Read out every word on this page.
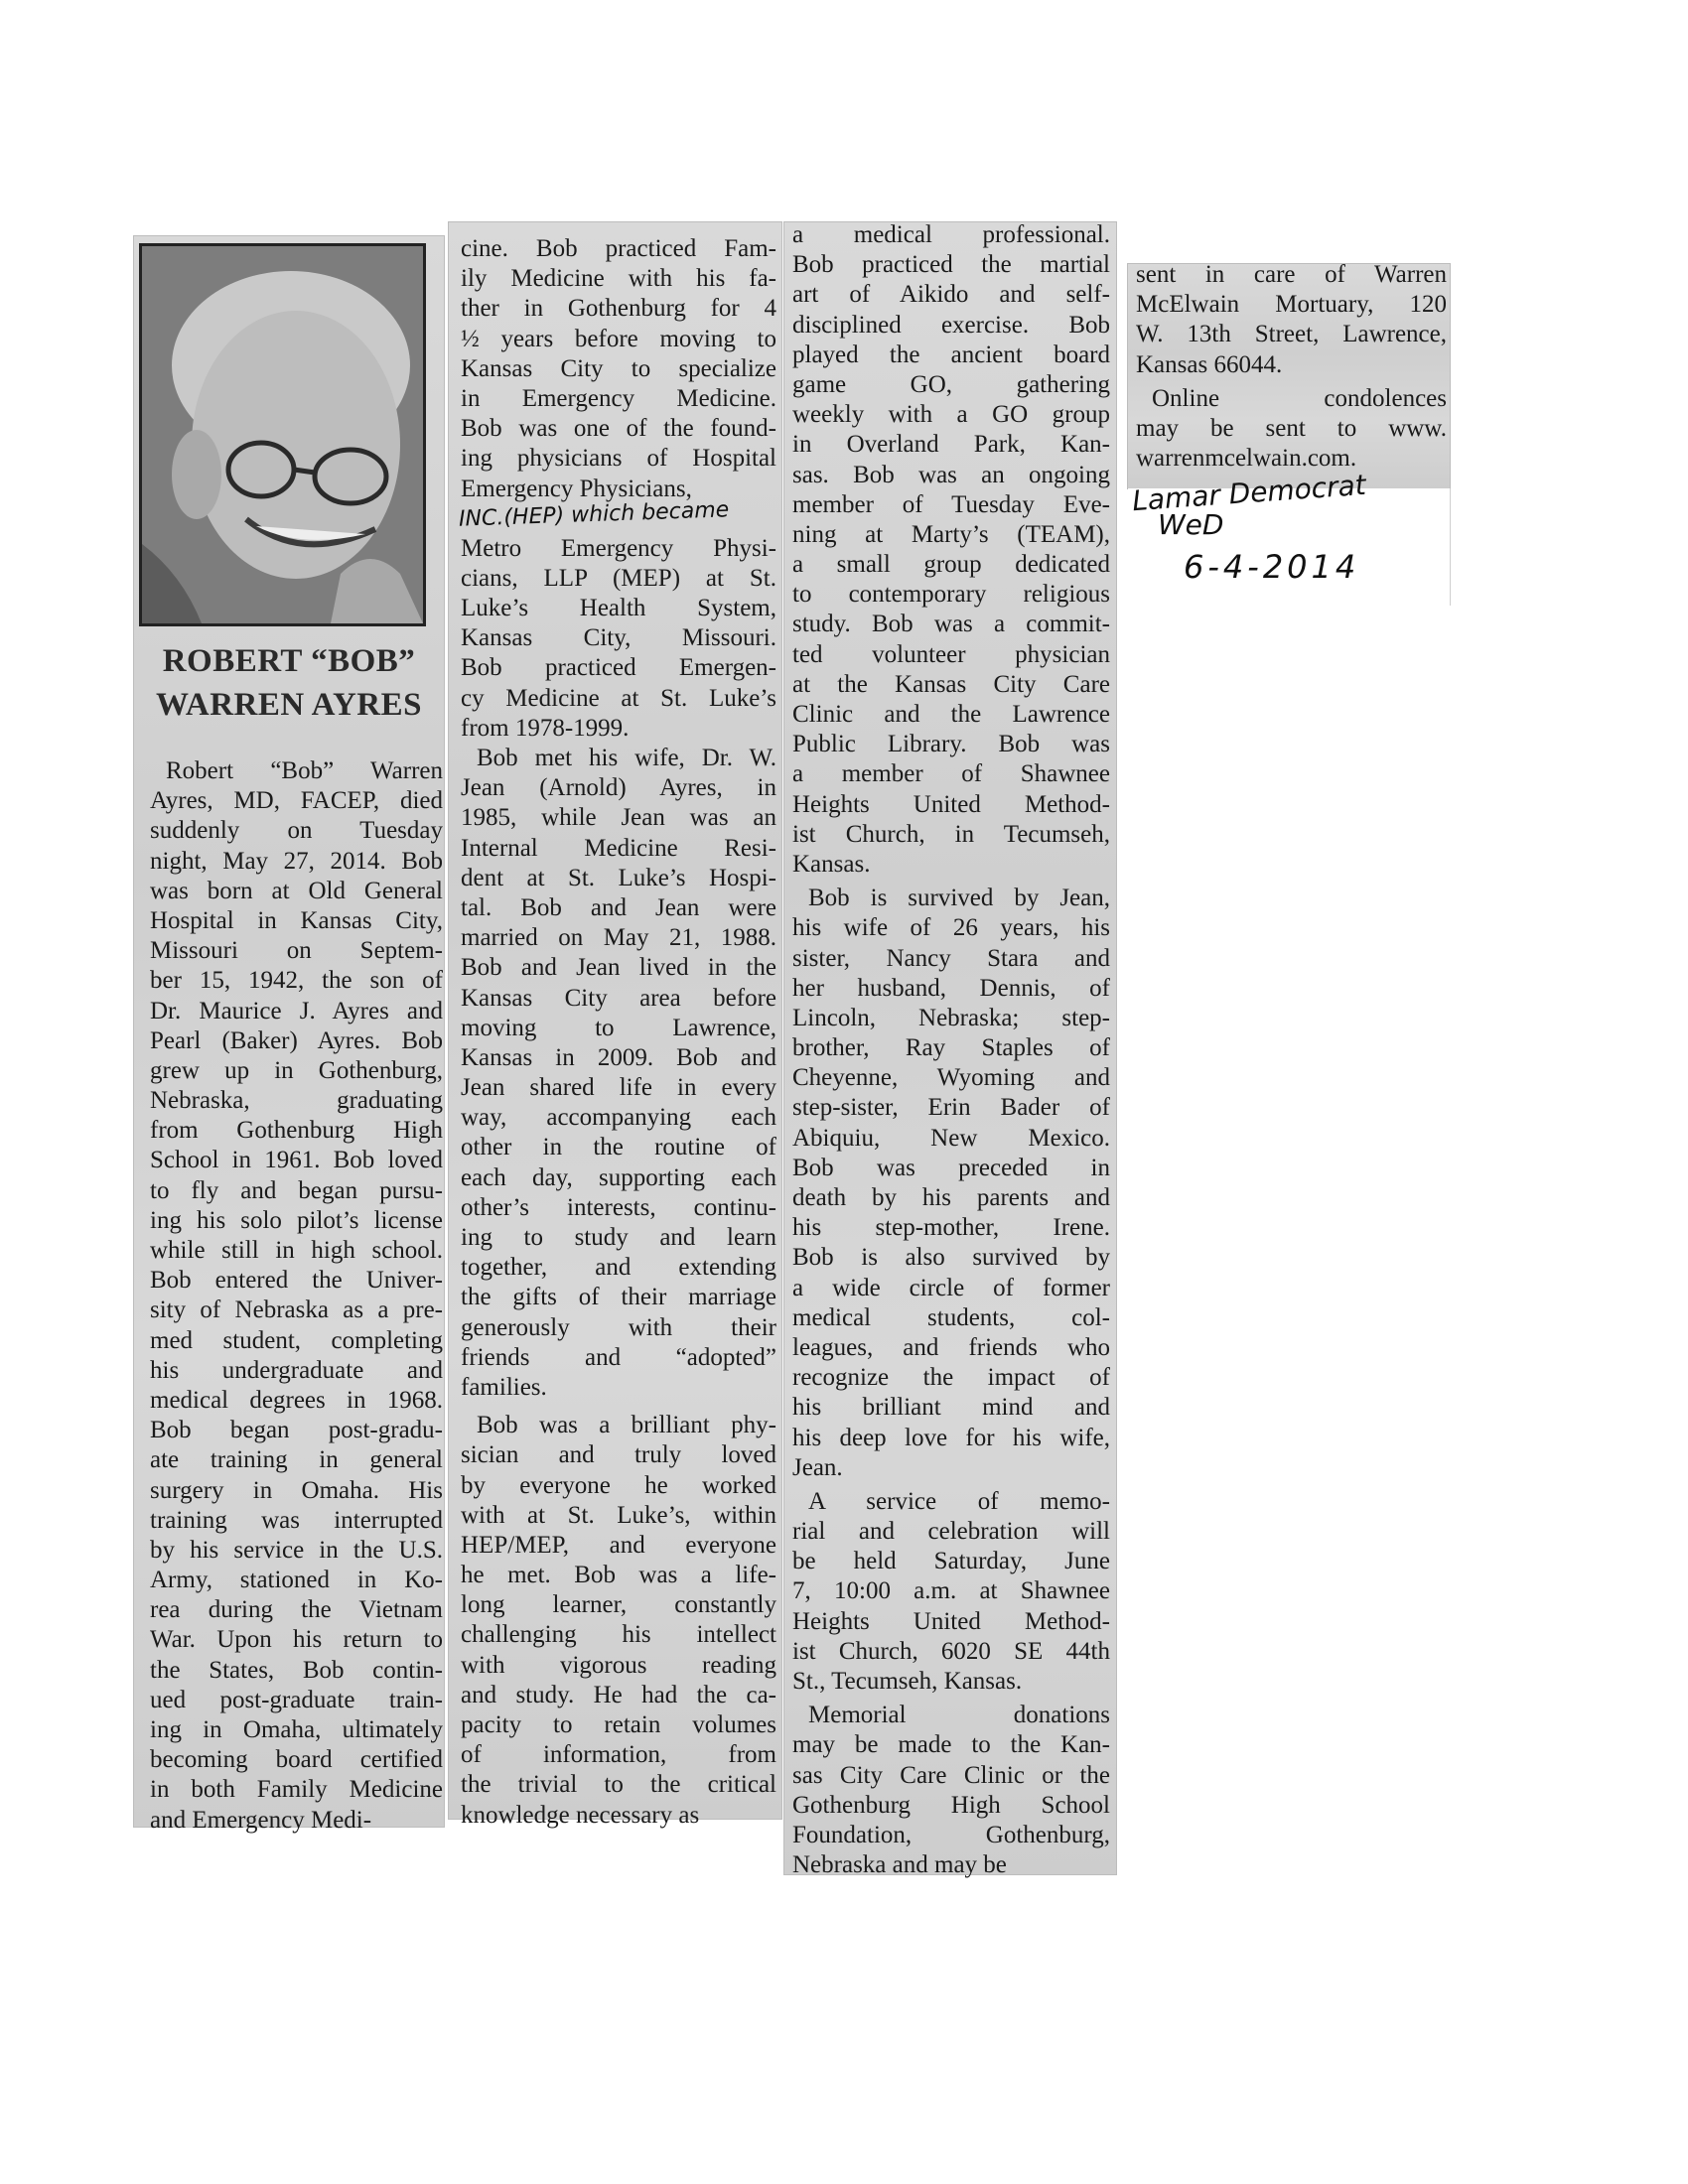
ROBERT “BOB”
WARREN AYRES
Robert “Bob” Warren
Ayres, MD, FACEP, died
suddenly on Tuesday
night, May 27, 2014. Bob
was born at Old General
Hospital in Kansas City,
Missouri on Septem-
ber 15, 1942, the son of
Dr. Maurice J. Ayres and
Pearl (Baker) Ayres. Bob
grew up in Gothenburg,
Nebraska, graduating
from Gothenburg High
School in 1961. Bob loved
to fly and began pursu-
ing his solo pilot’s license
while still in high school.
Bob entered the Univer-
sity of Nebraska as a pre-
med student, completing
his undergraduate and
medical degrees in 1968.
Bob began post-gradu-
ate training in general
surgery in Omaha. His
training was interrupted
by his service in the U.S.
Army, stationed in Ko-
rea during the Vietnam
War. Upon his return to
the States, Bob contin-
ued post-graduate train-
ing in Omaha, ultimately
becoming board certified
in both Family Medicine
and Emergency Medi-
cine. Bob practiced Fam-
ily Medicine with his fa-
ther in Gothenburg for 4
½ years before moving to
Kansas City to specialize
in Emergency Medicine.
Bob was one of the found-
ing physicians of Hospital
Emergency Physicians,
Metro Emergency Physi-
cians, LLP (MEP) at St.
Luke’s Health System,
Kansas City, Missouri.
Bob practiced Emergen-
cy Medicine at St. Luke’s
from 1978-1999.
Bob met his wife, Dr. W.
Jean (Arnold) Ayres, in
1985, while Jean was an
Internal Medicine Resi-
dent at St. Luke’s Hospi-
tal. Bob and Jean were
married on May 21, 1988.
Bob and Jean lived in the
Kansas City area before
moving to Lawrence,
Kansas in 2009. Bob and
Jean shared life in every
way, accompanying each
other in the routine of
each day, supporting each
other’s interests, continu-
ing to study and learn
together, and extending
the gifts of their marriage
generously with their
friends and “adopted”
families.
Bob was a brilliant phy-
sician and truly loved
by everyone he worked
with at St. Luke’s, within
HEP/MEP, and everyone
he met. Bob was a life-
long learner, constantly
challenging his intellect
with vigorous reading
and study. He had the ca-
pacity to retain volumes
of information, from
the trivial to the critical
knowledge necessary as
a medical professional.
Bob practiced the martial
art of Aikido and self-
disciplined exercise. Bob
played the ancient board
game GO, gathering
weekly with a GO group
in Overland Park, Kan-
sas. Bob was an ongoing
member of Tuesday Eve-
ning at Marty’s (TEAM),
a small group dedicated
to contemporary religious
study. Bob was a commit-
ted volunteer physician
at the Kansas City Care
Clinic and the Lawrence
Public Library. Bob was
a member of Shawnee
Heights United Method-
ist Church, in Tecumseh,
Kansas.
Bob is survived by Jean,
his wife of 26 years, his
sister, Nancy Stara and
her husband, Dennis, of
Lincoln, Nebraska; step-
brother, Ray Staples of
Cheyenne, Wyoming and
step-sister, Erin Bader of
Abiquiu, New Mexico.
Bob was preceded in
death by his parents and
his step-mother, Irene.
Bob is also survived by
a wide circle of former
medical students, col-
leagues, and friends who
recognize the impact of
his brilliant mind and
his deep love for his wife,
Jean.
A service of memo-
rial and celebration will
be held Saturday, June
7, 10:00 a.m. at Shawnee
Heights United Method-
ist Church, 6020 SE 44th
St., Tecumseh, Kansas.
Memorial donations
may be made to the Kan-
sas City Care Clinic or the
Gothenburg High School
Foundation, Gothenburg,
Nebraska and may be
sent in care of Warren
McElwain Mortuary, 120
W. 13th Street, Lawrence,
Kansas 66044.
Online condolences
may be sent to www.
warrenmcelwain.com.
INC.(HEP) which became	Lamar Democrat
WeD
6-4-2014
